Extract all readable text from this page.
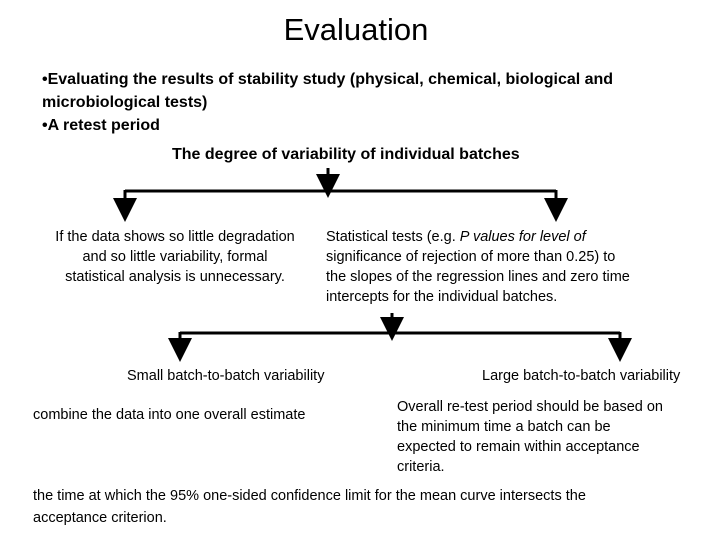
Evaluation
•Evaluating the results of stability study (physical, chemical, biological and
microbiological tests)
•A retest period
The degree of variability of individual batches
If the data shows so little degradation
and so little variability, formal
statistical analysis is unnecessary.
Statistical tests (e.g. P values for level of
significance of rejection of more than 0.25) to
the slopes of the regression lines and zero time
intercepts for the individual batches.
Small batch-to-batch variability	Large batch-to-batch variability
combine the data into one overall estimate	Overall re-test period should be based on
the minimum time a batch can be
expected to remain within acceptance
criteria.
the time at which the 95% one-sided confidence limit for the mean curve intersects the
acceptance criterion.
